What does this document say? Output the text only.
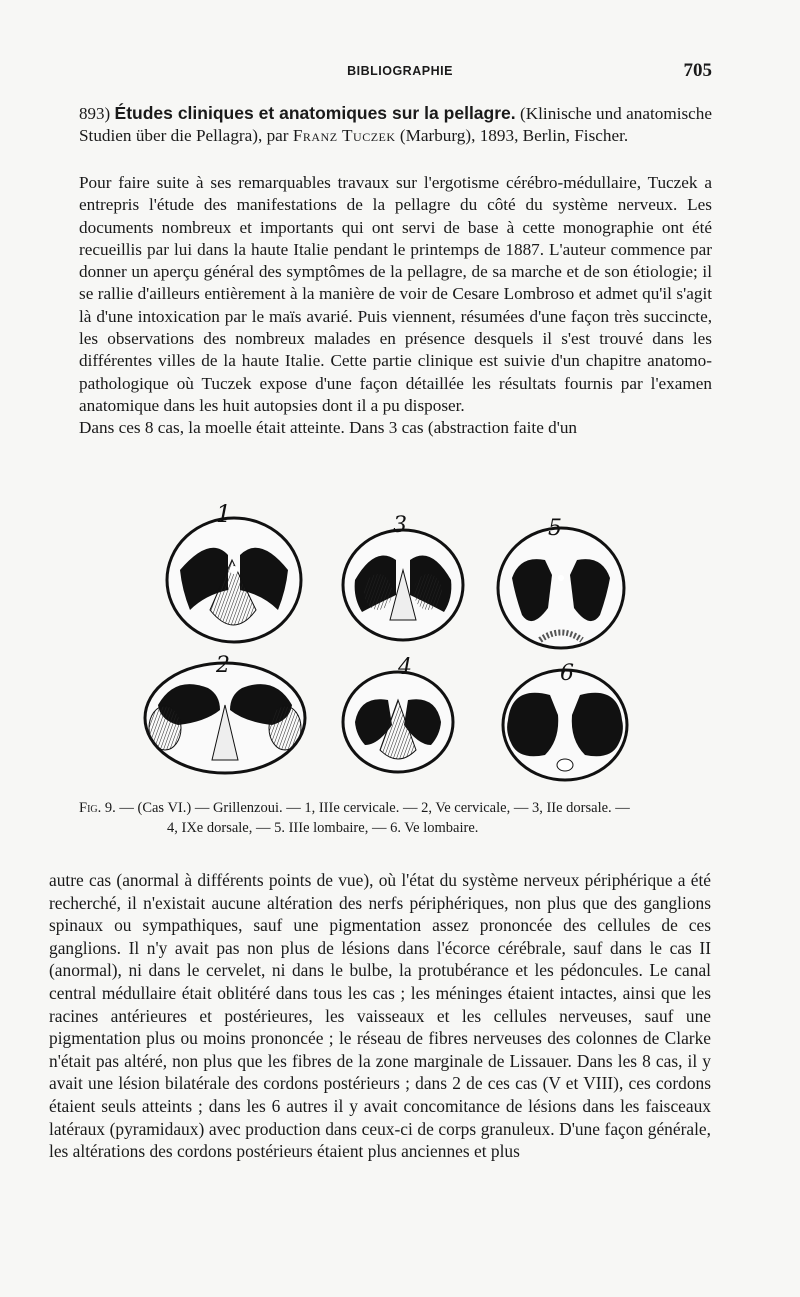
BIBLIOGRAPHIE	705

893) Études cliniques et anatomiques sur la pellagre. (Klinische und anatomische Studien über die Pellagra), par Franz Tuczek (Marburg), 1893, Berlin, Fischer.

Pour faire suite à ses remarquables travaux sur l'ergotisme cérébro-médullaire, Tuczek a entrepris l'étude des manifestations de la pellagre du côté du système nerveux. Les documents nombreux et importants qui ont servi de base à cette monographie ont été recueillis par lui dans la haute Italie pendant le printemps de 1887. L'auteur commence par donner un aperçu général des symptômes de la pellagre, de sa marche et de son étiologie; il se rallie d'ailleurs entièrement à la manière de voir de Cesare Lombroso et admet qu'il s'agit là d'une intoxication par le maïs avarié. Puis viennent, résumées d'une façon très succincte, les observations des nombreux malades en présence desquels il s'est trouvé dans les différentes villes de la haute Italie. Cette partie clinique est suivie d'un chapitre anatomo-pathologique où Tuczek expose d'une façon détaillée les résultats fournis par l'examen anatomique dans les huit autopsies dont il a pu disposer.

Dans ces 8 cas, la moelle était atteinte. Dans 3 cas (abstraction faite d'un

1	3	5
2	4	6
Fig. 9. — (Cas VI.) — Grillenzoui. — 1, IIIe cervicale. — 2, Ve cervicale, — 3, IIe dorsale. —
4, IXe dorsale, — 5. IIIe lombaire, — 6. Ve lombaire.

autre cas (anormal à différents points de vue), où l'état du système nerveux périphérique a été recherché, il n'existait aucune altération des nerfs périphériques, non plus que des ganglions spinaux ou sympathiques, sauf une pigmentation assez prononcée des cellules de ces ganglions. Il n'y avait pas non plus de lésions dans l'écorce cérébrale, sauf dans le cas II (anormal), ni dans le cervelet, ni dans le bulbe, la protubérance et les pédoncules. Le canal central médullaire était oblitéré dans tous les cas ; les méninges étaient intactes, ainsi que les racines antérieures et postérieures, les vaisseaux et les cellules nerveuses, sauf une pigmentation plus ou moins prononcée ; le réseau de fibres nerveuses des colonnes de Clarke n'était pas altéré, non plus que les fibres de la zone marginale de Lissauer. Dans les 8 cas, il y avait une lésion bilatérale des cordons postérieurs ; dans 2 de ces cas (V et VIII), ces cordons étaient seuls atteints ; dans les 6 autres il y avait concomitance de lésions dans les faisceaux latéraux (pyramidaux) avec production dans ceux-ci de corps granuleux. D'une façon générale, les altérations des cordons postérieurs étaient plus anciennes et plus
